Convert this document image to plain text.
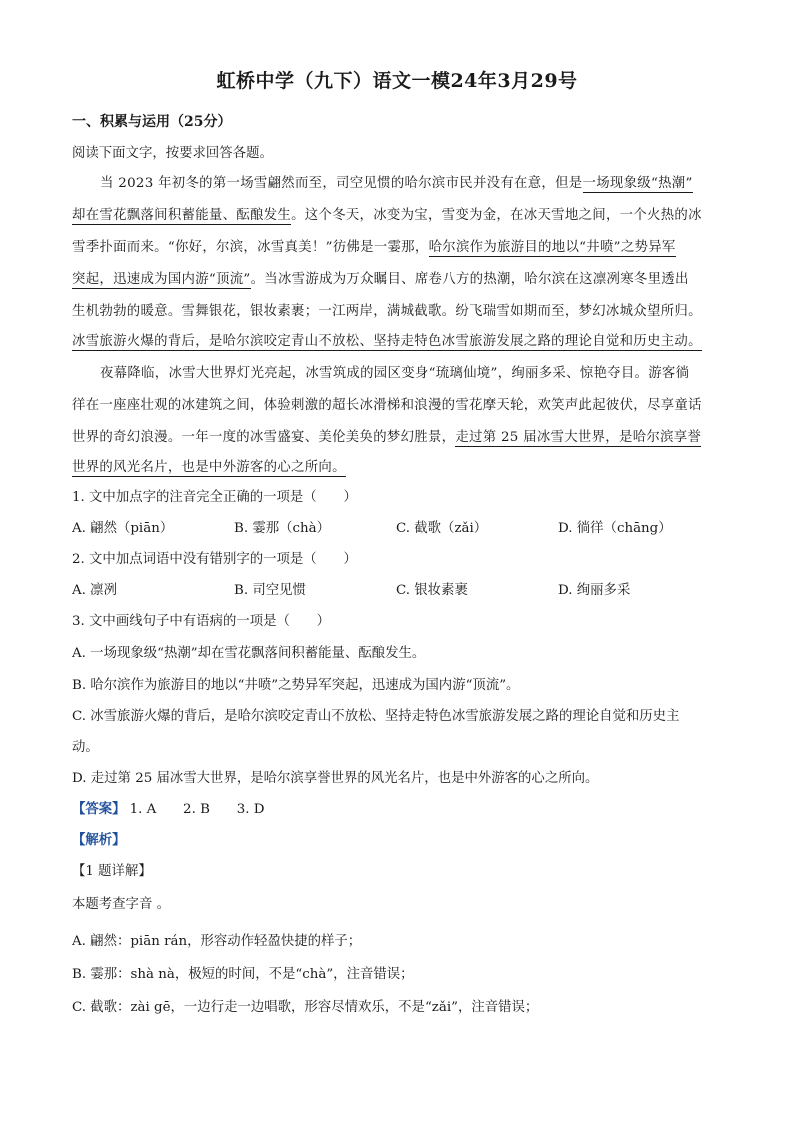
虹桥中学（九下）语文一模24年3月29号
一、积累与运用（25分）
阅读下面文字，按要求回答各题。
当 2023 年初冬的第一场雪翩然而至，司空见惯的哈尔滨市民并没有在意，但是一场现象级“热潮”
却在雪花飘落间积蓄能量、酝酿发生。这个冬天，冰变为宝，雪变为金，在冰天雪地之间，一个火热的冰
雪季扑面而来。“你好，尔滨，冰雪真美！”彷佛是一霎那，哈尔滨作为旅游目的地以“井喷”之势异军
突起，迅速成为国内游“顶流”。当冰雪游成为万众瞩目、席卷八方的热潮，哈尔滨在这凛冽寒冬里透出
生机勃勃的暖意。雪舞银花，银妆素裹；一江两岸，满城截歌。纷飞瑞雪如期而至，梦幻冰城众望所归。
冰雪旅游火爆的背后，是哈尔滨咬定青山不放松、坚持走特色冰雪旅游发展之路的理论自觉和历史主动。
夜幕降临，冰雪大世界灯光亮起，冰雪筑成的园区变身“琉璃仙境”，绚丽多采、惊艳夺目。游客徜
徉在一座座壮观的冰建筑之间，体验刺激的超长冰滑梯和浪漫的雪花摩天轮，欢笑声此起彼伏，尽享童话
世界的奇幻浪漫。一年一度的冰雪盛宴、美伦美奂的梦幻胜景，走过第 25 届冰雪大世界，是哈尔滨享誉
世界的风光名片，也是中外游客的心之所向。
1. 文中加点字的注音完全正确的一项是（　　）
A. 翩然（piān）	B. 霎那（chà）	C. 截歌（zǎi）	D. 徜徉（chāng）
2. 文中加点词语中没有错别字的一项是（　　）
A. 凛冽	B. 司空见惯	C. 银妆素裹	D. 绚丽多采
3. 文中画线句子中有语病的一项是（　　）
A. 一场现象级“热潮”却在雪花飘落间积蓄能量、酝酿发生。
B. 哈尔滨作为旅游目的地以“井喷”之势异军突起，迅速成为国内游“顶流”。
C. 冰雪旅游火爆的背后，是哈尔滨咬定青山不放松、坚持走特色冰雪旅游发展之路的理论自觉和历史主
动。
D. 走过第 25 届冰雪大世界，是哈尔滨享誉世界的风光名片，也是中外游客的心之所向。
【答案】 1. A　　2. B　　3. D
【解析】
【1 题详解】
本题考查字音 。
A. 翩然：piān rán，形容动作轻盈快捷的样子；
B. 霎那：shà nà，极短的时间，不是“chà”，注音错误；
C. 截歌：zài gē，一边行走一边唱歌，形容尽情欢乐，不是“zǎi”，注音错误；
